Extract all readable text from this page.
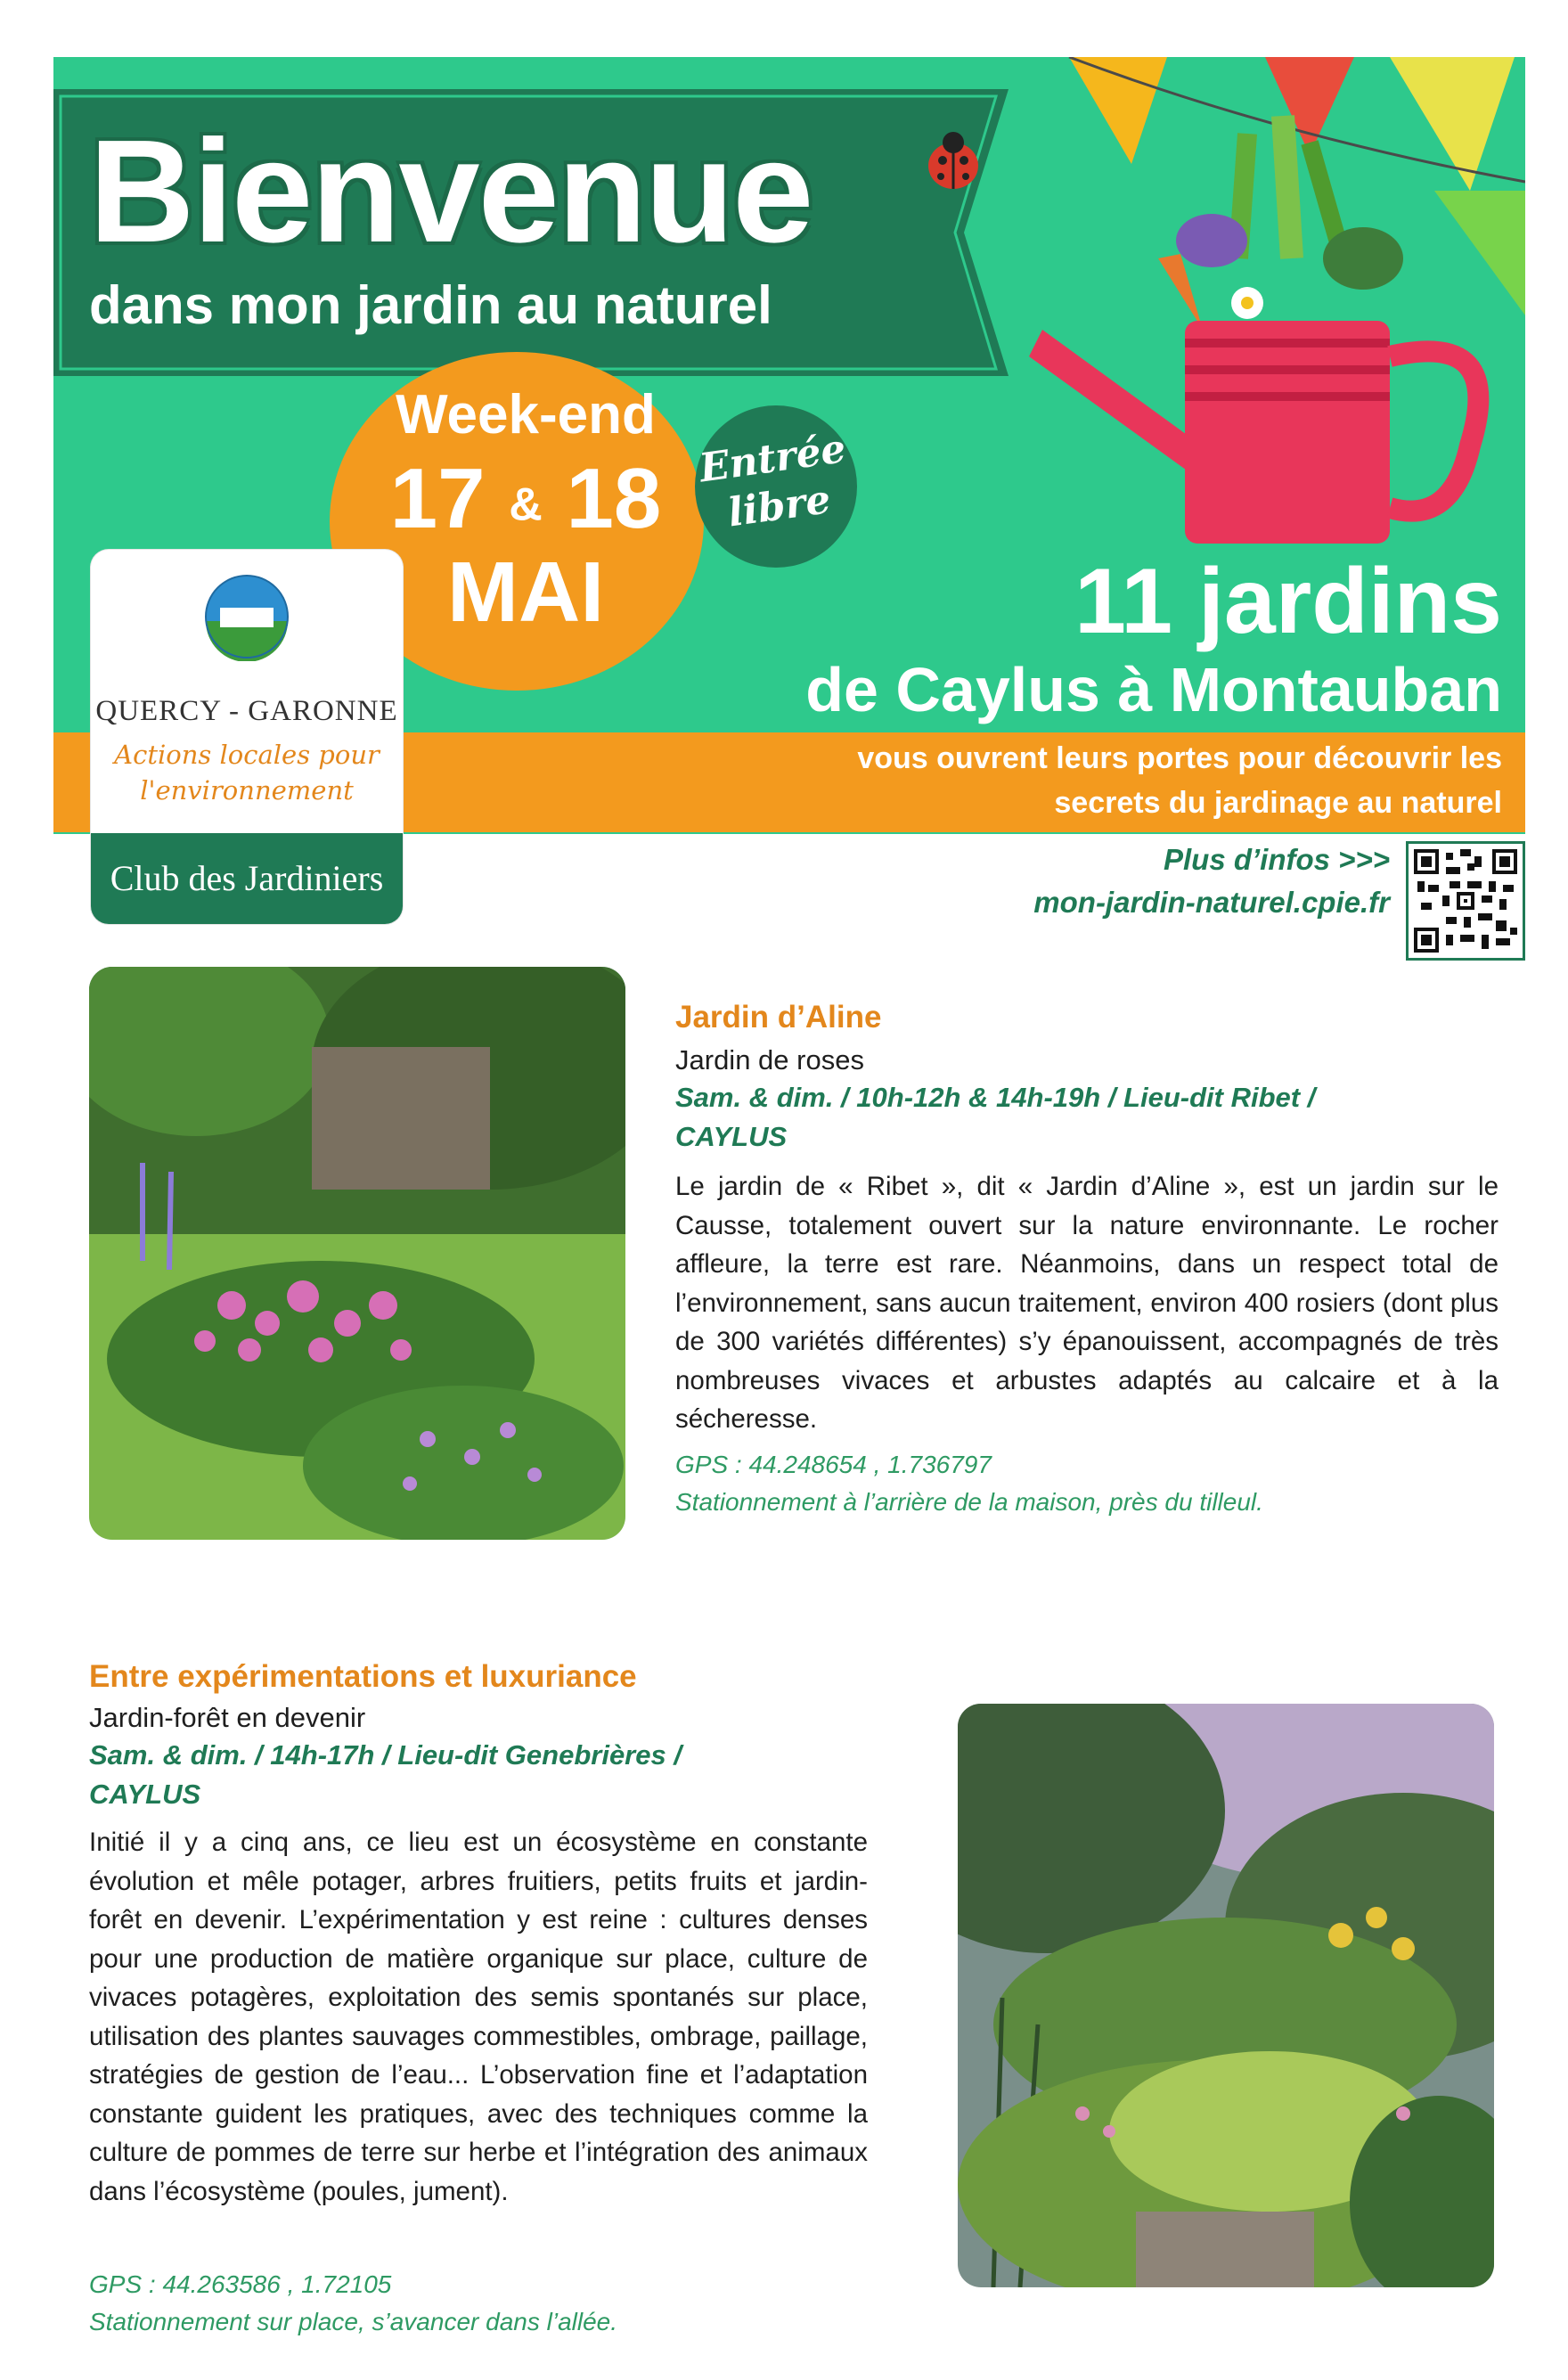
Bienvenue
dans mon jardin au naturel
Week-end
17 & 18
MAI
Entrée
libre
QUERCY - GARONNE
Actions locales pour
l'environnement
Club des Jardiniers
11 jardins
de Caylus à Montauban
vous ouvrent leurs portes pour découvrir les
secrets du jardinage au naturel
Plus d’infos >>>
mon-jardin-naturel.cpie.fr
Jardin d’Aline
Jardin de roses
Sam. & dim. / 10h-12h & 14h-19h / Lieu-dit Ribet /
CAYLUS
Le jardin de « Ribet », dit « Jardin d’Aline », est un jardin sur le Causse, totalement ouvert sur la nature environnante. Le rocher affleure, la terre est rare. Néanmoins, dans un respect total de l’environnement, sans aucun traitement, environ 400 rosiers (dont plus de 300 variétés différentes) s’y épanouissent, accompagnés de très nombreuses vivaces et arbustes adaptés au calcaire et à la sécheresse.
GPS : 44.248654 , 1.736797
Stationnement à l’arrière de la maison, près du tilleul.
Entre expérimentations et luxuriance
Jardin-forêt en devenir
Sam. & dim. / 14h-17h / Lieu-dit Genebrières /
CAYLUS
Initié il y a cinq ans, ce lieu est un écosystème en constante évolution et mêle potager, arbres fruitiers, petits fruits et jardin-forêt en devenir. L’expérimentation y est reine : cultures denses pour une production de matière organique sur place, culture de vivaces potagères, exploitation des semis spontanés sur place, utilisation des plantes sauvages commestibles, ombrage, paillage, stratégies de gestion de l’eau... L’observation fine et l’adaptation constante guident les pratiques, avec des techniques comme la culture de pommes de terre sur herbe et l’intégration des animaux dans l’écosystème (poules, jument).
GPS : 44.263586 , 1.72105
Stationnement sur place, s’avancer dans l’allée.
